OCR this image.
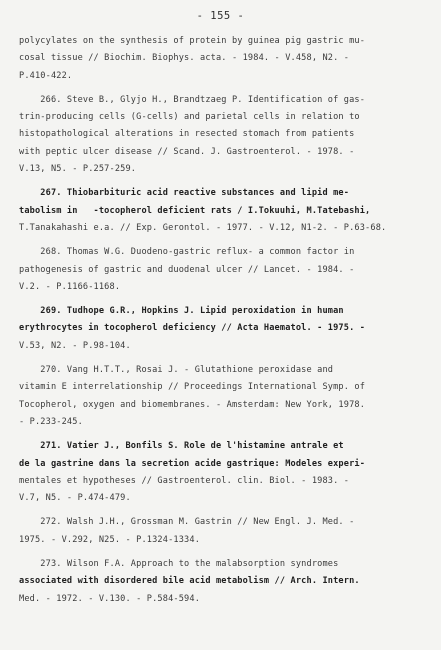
- 155 -
polycylates on the synthesis of protein by guinea pig gastric mu-
cosal tissue // Biochim. Biophys. acta. - 1984. - V.458, N2. -
P.410-422.
266. Steve B., Glyjo H., Brandtzaeg P. Identification of gas-
trin-producing cells (G-cells) and parietal cells in relation to
histopathological alterations in resected stomach from patients
with peptic ulcer disease // Scand. J. Gastroenterol. - 1978. -
V.13, N5. - P.257-259.
267. Thiobarbituric acid reactive substances and lipid me-
tabolism in   -tocopherol deficient rats / I.Tokuuhi, M.Tatebashi,
T.Tanakahashi e.a. // Exp. Gerontol. - 1977. - V.12, N1-2. - P.63-68.
268. Thomas W.G. Duodeno-gastric reflux- a common factor in
pathogenesis of gastric and duodenal ulcer // Lancet. - 1984. -
V.2. - P.1166-1168.
269. Tudhope G.R., Hopkins J. Lipid peroxidation in human
erythrocytes in tocopherol deficiency // Acta Haematol. - 1975. -
V.53, N2. - P.98-104.
270. Vang H.T.T., Rosai J. - Glutathione peroxidase and
vitamin E interrelationship // Proceedings International Symp. of
Tocopherol, oxygen and biomembranes. - Amsterdam: New York, 1978.
- P.233-245.
271. Vatier J., Bonfils S. Role de l'histamine antrale et
de la gastrine dans la secretion acide gastrique: Modeles experi-
mentales et hypotheses // Gastroenterol. clin. Biol. - 1983. -
V.7, N5. - P.474-479.
272. Walsh J.H., Grossman M. Gastrin // New Engl. J. Med. -
1975. - V.292, N25. - P.1324-1334.
273. Wilson F.A. Approach to the malabsorption syndromes
associated with disordered bile acid metabolism // Arch. Intern.
Med. - 1972. - V.130. - P.584-594.
